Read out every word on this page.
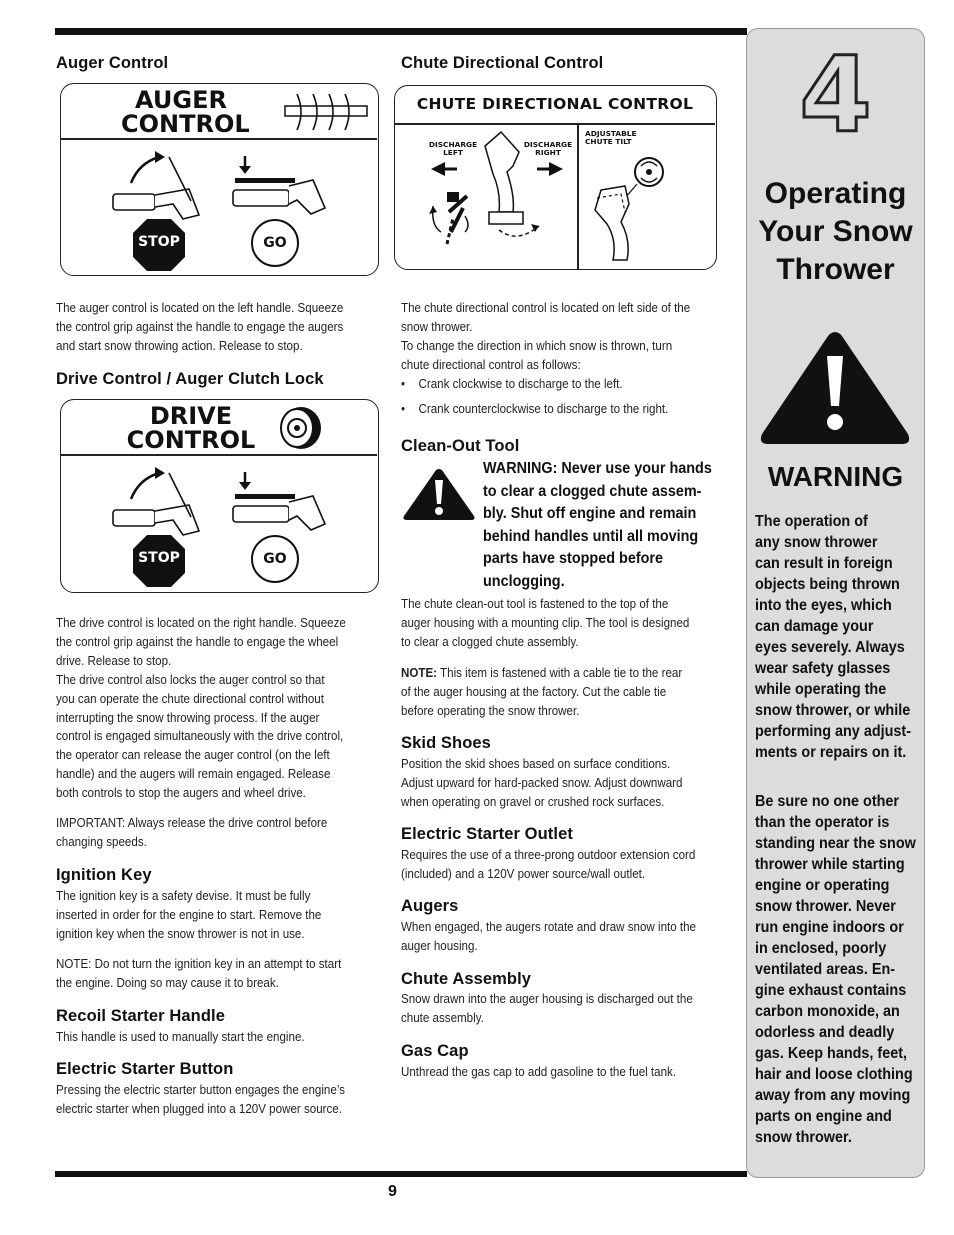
9
Auger Control
AUGER
CONTROL
STOP	GO
The auger control is located on the left handle. Squeeze
the control grip against the handle to engage the augers
and start snow throwing action. Release to stop.
Drive Control / Auger Clutch Lock
DRIVE
CONTROL
STOP	GO
The drive control is located on the right handle. Squeeze
the control grip against the handle to engage the wheel
drive. Release to stop.
The drive control also locks the auger control so that
you can operate the chute directional control without
interrupting the snow throwing process. If the auger
control is engaged simultaneously with the drive control,
the operator can release the auger control (on the left
handle) and the augers will remain engaged. Release
both controls to stop the augers and wheel drive.
IMPORTANT: Always release the drive control before
changing speeds.
Ignition Key
The ignition key is a safety devise. It must be fully
inserted in order for the engine to start. Remove the
ignition key when the snow thrower is not in use.
NOTE: Do not turn the ignition key in an attempt to start
the engine. Doing so may cause it to break.
Recoil Starter Handle
This handle is used to manually start the engine.
Electric Starter Button
Pressing the electric starter button engages the engine’s
electric starter when plugged into a 120V power source.
Chute Directional Control
CHUTE DIRECTIONAL CONTROL
DISCHARGE
LEFT
DISCHARGE
RIGHT
ADJUSTABLE
CHUTE TILT
The chute directional control is located on left side of the
snow thrower.
To change the direction in which snow is thrown, turn
chute directional control as follows:
• Crank clockwise to discharge to the left.
• Crank counterclockwise to discharge to the right.
Clean-Out Tool
WARNING: Never use your hands
to clear a clogged chute assem-
bly. Shut off engine and remain
behind handles until all moving
parts have stopped before
unclogging.
The chute clean-out tool is fastened to the top of the
auger housing with a mounting clip. The tool is designed
to clear a clogged chute assembly.
NOTE: This item is fastened with a cable tie to the rear
of the auger housing at the factory. Cut the cable tie
before operating the snow thrower.
Skid Shoes
Position the skid shoes based on surface conditions.
Adjust upward for hard-packed snow. Adjust downward
when operating on gravel or crushed rock surfaces.
Electric Starter Outlet
Requires the use of a three-prong outdoor extension cord
(included) and a 120V power source/wall outlet.
Augers
When engaged, the augers rotate and draw snow into the
auger housing.
Chute Assembly
Snow drawn into the auger housing is discharged out the
chute assembly.
Gas Cap
Unthread the gas cap to add gasoline to the fuel tank.
4
Operating
Your Snow
Thrower
WARNING
The operation of
any snow thrower
can result in foreign
objects being thrown
into the eyes, which
can damage your
eyes severely. Always
wear safety glasses
while operating the
snow thrower, or while
performing any adjust-
ments or repairs on it.
Be sure no one other
than the operator is
standing near the snow
thrower while starting
engine or operating
snow thrower. Never
run engine indoors or
in enclosed, poorly
ventilated areas. En-
gine exhaust contains
carbon monoxide, an
odorless and deadly
gas. Keep hands, feet,
hair and loose clothing
away from any moving
parts on engine and
snow thrower.
